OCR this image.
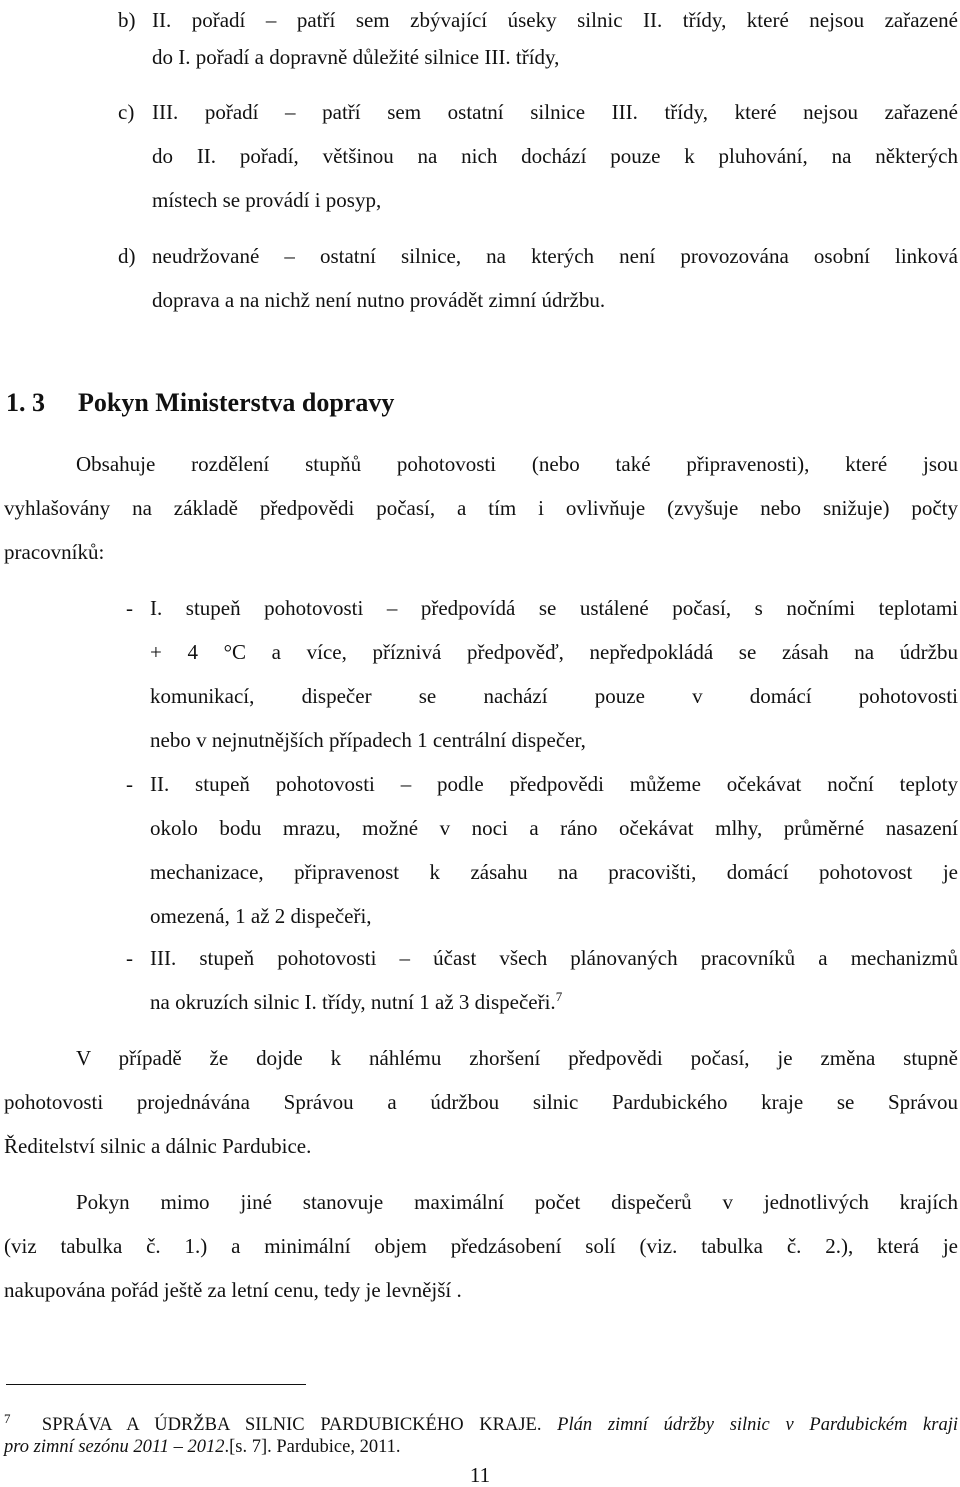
b) II. pořadí – patří sem zbývající úseky silnic II. třídy, které nejsou zařazené
do I. pořadí a dopravně důležité silnice III. třídy,
c) III. pořadí – patří sem ostatní silnice III. třídy, které nejsou zařazené
do II. pořadí, většinou na nich dochází pouze k pluhování, na některých
místech se provádí i posyp,
d) neudržované – ostatní silnice, na kterých není provozována osobní linková
doprava a na nichž není nutno provádět zimní údržbu.
1. 3 Pokyn Ministerstva dopravy
Obsahuje rozdělení stupňů pohotovosti (nebo také připravenosti), které jsou
vyhlašovány na základě předpovědi počasí, a tím i ovlivňuje (zvyšuje nebo snižuje) počty
pracovníků:
- I. stupeň pohotovosti – předpovídá se ustálené počasí, s nočními teplotami
+ 4 °C a více, příznivá předpověď, nepředpokládá se zásah na údržbu
komunikací, dispečer se nachází pouze v domácí pohotovosti
nebo v nejnutnějších případech 1 centrální dispečer,
- II. stupeň pohotovosti – podle předpovědi můžeme očekávat noční teploty
okolo bodu mrazu, možné v noci a ráno očekávat mlhy, průměrné nasazení
mechanizace, připravenost k zásahu na pracovišti, domácí pohotovost je
omezená, 1 až 2 dispečeři,
- III. stupeň pohotovosti – účast všech plánovaných pracovníků a mechanizmů
na okruzích silnic I. třídy, nutní 1 až 3 dispečeři.$^7$
V případě že dojde k náhlému zhoršení předpovědi počasí, je změna stupně
pohotovosti projednávána Správou a údržbou silnic Pardubického kraje se Správou
Ředitelství silnic a dálnic Pardubice.
Pokyn mimo jiné stanovuje maximální počet dispečerů v jednotlivých krajích
(viz tabulka č. 1.) a minimální objem předzásobení solí (viz. tabulka č. 2.), která je
nakupována pořád ještě za letní cenu, tedy je levnější .
$^7$ SPRÁVA A ÚDRŽBA SILNIC PARDUBICKÉHO KRAJE. Plán zimní údržby silnic v Pardubickém kraji
pro zimní sezónu 2011 – 2012.[s. 7]. Pardubice, 2011.
11
